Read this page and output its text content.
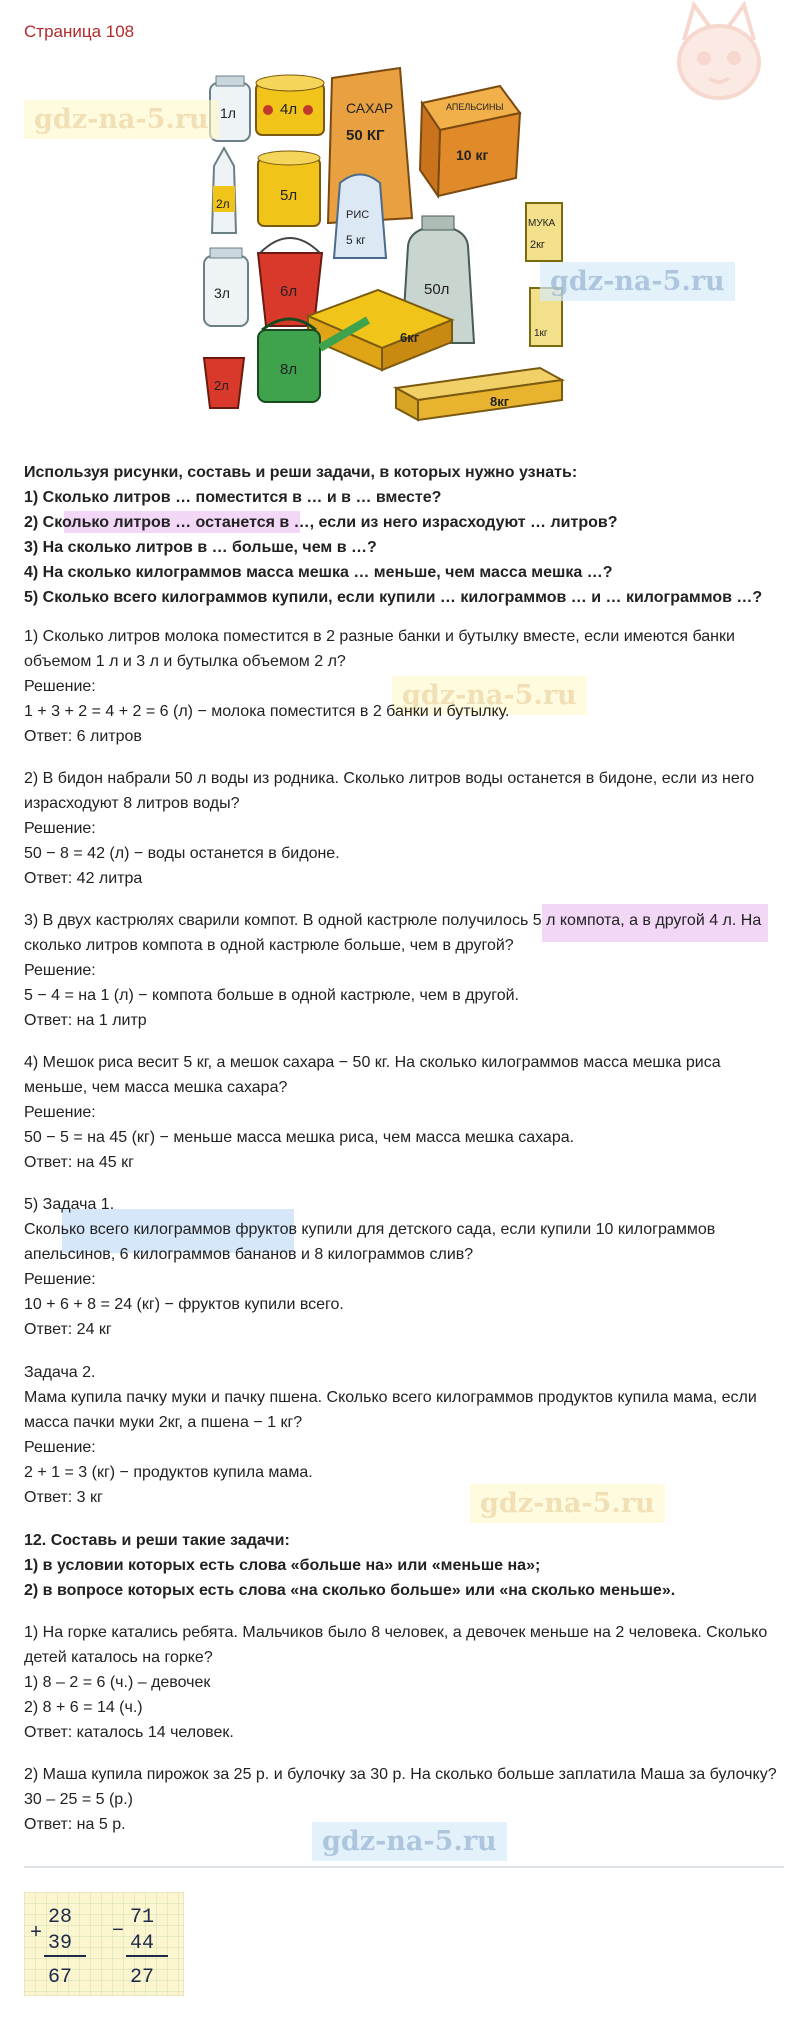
Страница 108
1л	4л	САХАР
50 КГ
АПЕЛЬСИНЫ
10 кг
2л	5л
РИС
5 кг
МУКА
2кг
3л	6л	50л
6кг	1кг
2л
8л
8кг
gdz-na-5.ru
gdz-na-5.ru
gdz-na-5.ru
gdz-na-5.ru
gdz-na-5.ru

Используя рисунки, составь и реши задачи, в которых нужно узнать:

1) Сколько литров … поместится в … и в … вместе?

2) Сколько литров … останется в …, если из него израсходуют … литров?

3) На сколько литров в … больше, чем в …?

4) На сколько килограммов масса мешка … меньше, чем масса мешка …?

5) Сколько всего килограммов купили, если купили … килограммов … и … килограммов …?

1) Сколько литров молока поместится в 2 разные банки и бутылку вместе, если имеются банки

объемом 1 л и 3 л и бутылка объемом 2 л?

Решение:

1 + 3 + 2 = 4 + 2 = 6 (л) − молока поместится в 2 банки и бутылку.

Ответ: 6 литров

2) В бидон набрали 50 л воды из родника. Сколько литров воды останется в бидоне, если из него

израсходуют 8 литров воды?

Решение:

50 − 8 = 42 (л) − воды останется в бидоне.

Ответ: 42 литра

3) В двух кастрюлях сварили компот. В одной кастрюле получилось 5 л компота, а в другой 4 л. На

сколько литров компота в одной кастрюле больше, чем в другой?

Решение:

5 − 4 = на 1 (л) − компота больше в одной кастрюле, чем в другой.

Ответ: на 1 литр

4) Мешок риса весит 5 кг, а мешок сахара − 50 кг. На сколько килограммов масса мешка риса

меньше, чем масса мешка сахара?

Решение:

50 − 5 = на 45 (кг) − меньше масса мешка риса, чем масса мешка сахара.

Ответ: на 45 кг

5) Задача 1.

Сколько всего килограммов фруктов купили для детского сада, если купили 10 килограммов

апельсинов, 6 килограммов бананов и 8 килограммов слив?

Решение:

10 + 6 + 8 = 24 (кг) − фруктов купили всего.

Ответ: 24 кг

Задача 2.

Мама купила пачку муки и пачку пшена. Сколько всего килограммов продуктов купила мама, если

масса пачки муки 2кг, а пшена − 1 кг?

Решение:

2 + 1 = 3 (кг) − продуктов купила мама.

Ответ: 3 кг

12. Составь и реши такие задачи:

1) в условии которых есть слова «больше на» или «меньше на»;

2) в вопросе которых есть слова «на сколько больше» или «на сколько меньше».

1) На горке катались ребята. Мальчиков было 8 человек, а девочек меньше на 2 человека. Сколько

детей каталось на горке?

1) 8 – 2 = 6 (ч.) – девочек

2) 8 + 6 = 14 (ч.)

Ответ: каталось 14 человек.

2) Маша купила пирожок за 25 р. и булочку за 30 р. На сколько больше заплатила Маша за булочку?

30 – 25 = 5 (р.)

Ответ: на 5 р.

+
28
39
67
−
71
44
27
